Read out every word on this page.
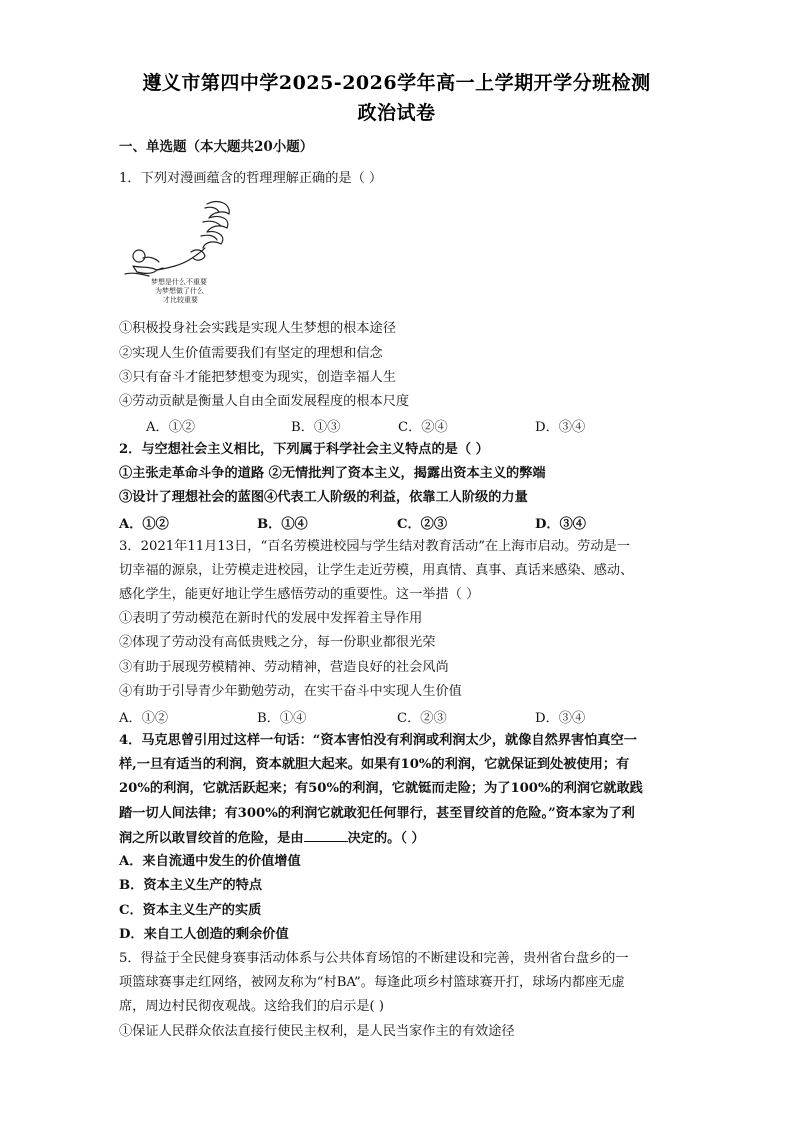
遵义市第四中学2025-2026学年高一上学期开学分班检测
政治试卷
一、单选题（本大题共20小题）
1．下列对漫画蕴含的哲理理解正确的是（ ）
梦想是什么不重要
为梦想做了什么
才比较重要
①积极投身社会实践是实现人生梦想的根本途径
②实现人生价值需要我们有坚定的理想和信念
③只有奋斗才能把梦想变为现实，创造幸福人生
④劳动贡献是衡量人自由全面发展程度的根本尺度
A．①②	B．①③	C．②④	D．③④
2．与空想社会主义相比，下列属于科学社会主义特点的是（ ）
①主张走革命斗争的道路 ②无情批判了资本主义，揭露出资本主义的弊端
③设计了理想社会的蓝图④代表工人阶级的利益，依靠工人阶级的力量
A．①②	B．①④	C．②③	D．③④
3．2021年11月13日，“百名劳模进校园与学生结对教育活动”在上海市启动。劳动是一
切幸福的源泉，让劳模走进校园，让学生走近劳模，用真情、真事、真话来感染、感动、
感化学生，能更好地让学生感悟劳动的重要性。这一举措（ ）
①表明了劳动模范在新时代的发展中发挥着主导作用
②体现了劳动没有高低贵贱之分，每一份职业都很光荣
③有助于展现劳模精神、劳动精神，营造良好的社会风尚
④有助于引导青少年勤勉劳动，在实干奋斗中实现人生价值
A．①②	B．①④	C．②③	D．③④
4．马克思曾引用过这样一句话：“资本害怕没有利润或利润太少，就像自然界害怕真空一
样,一旦有适当的利润，资本就胆大起来。如果有10%的利润，它就保证到处被使用；有
20%的利润，它就活跃起来；有50%的利润，它就铤而走险；为了100%的利润它就敢践
踏一切人间法律；有300%的利润它就敢犯任何罪行，甚至冒绞首的危险。”资本家为了利
润之所以敢冒绞首的危险，是由	决定的。（ ）
A．来自流通中发生的价值增值
B．资本主义生产的特点
C．资本主义生产的实质
D．来自工人创造的剩余价值
5．得益于全民健身赛事活动体系与公共体育场馆的不断建设和完善，贵州省台盘乡的一
项篮球赛事走红网络，被网友称为“村BA”。每逢此项乡村篮球赛开打，球场内都座无虚
席，周边村民彻夜观战。这给我们的启示是( )
①保证人民群众依法直接行使民主权利，是人民当家作主的有效途径
